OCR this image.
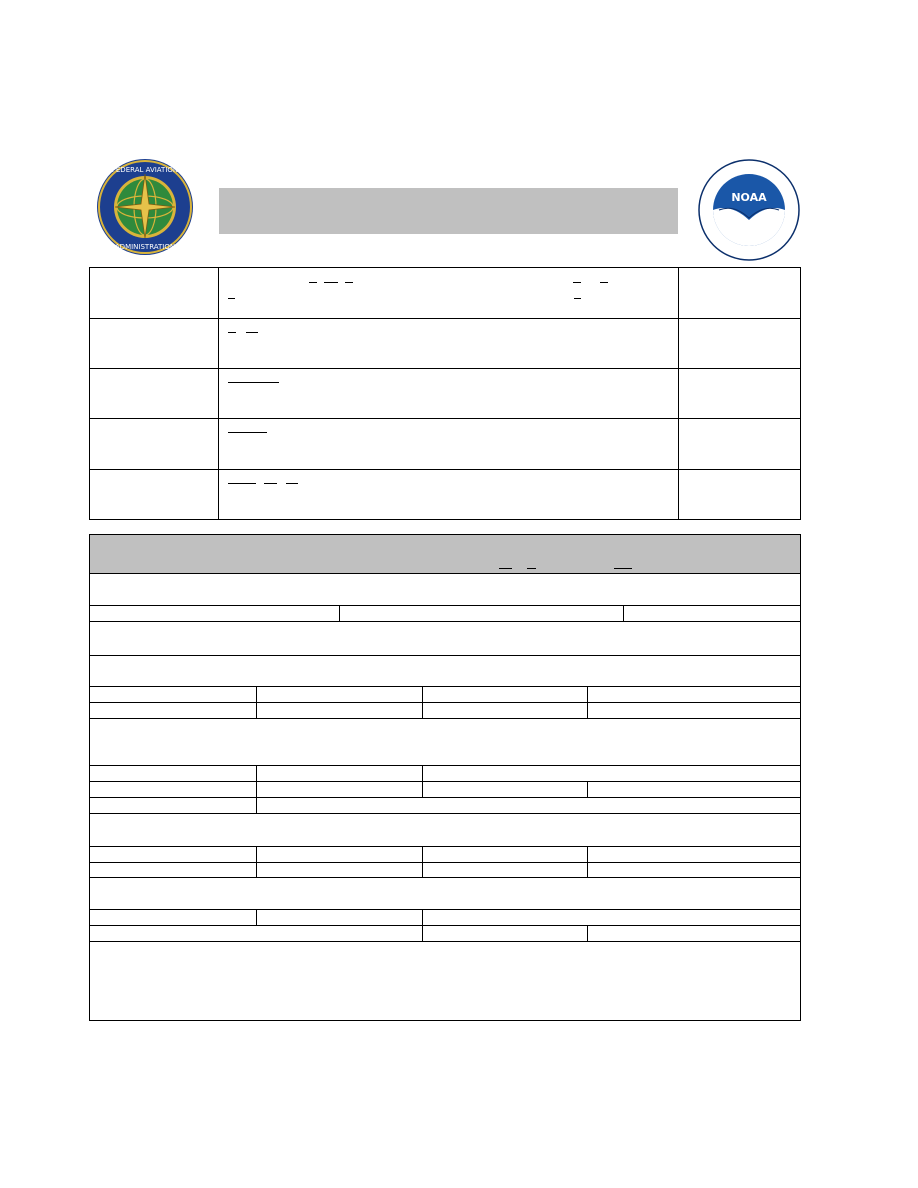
FEDERAL AVIATION
ADMINISTRATION
NOAA
